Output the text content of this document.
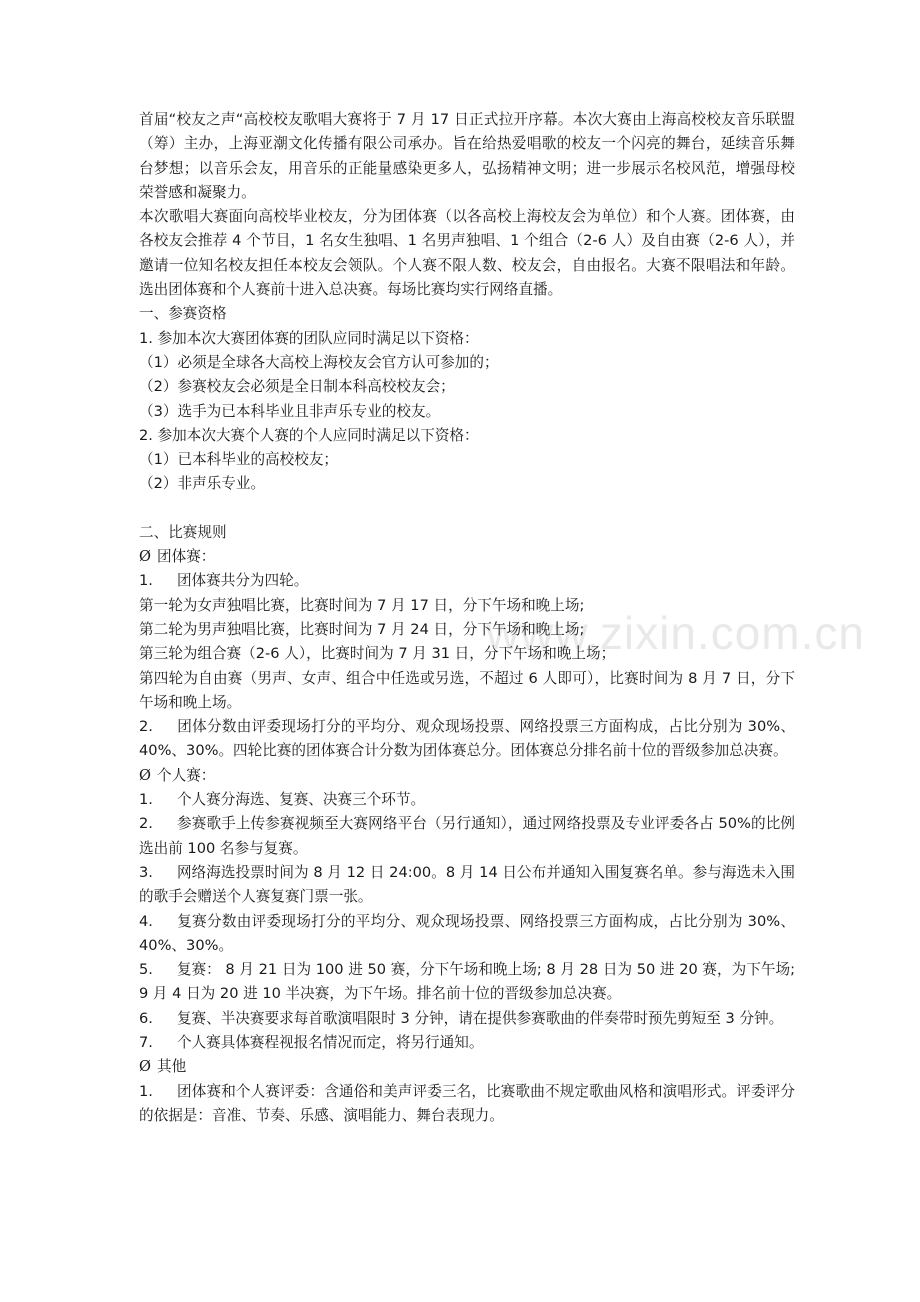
www.zixin.com.cn

首届“校友之声“高校校友歌唱大赛将于 7 月 17 日正式拉开序幕。本次大赛由上海高校校友音乐联盟（筹）主办，上海亚潮文化传播有限公司承办。旨在给热爱唱歌的校友一个闪亮的舞台，延续音乐舞台梦想；以音乐会友，用音乐的正能量感染更多人，弘扬精神文明；进一步展示名校风范，增强母校荣誉感和凝聚力。

本次歌唱大赛面向高校毕业校友，分为团体赛（以各高校上海校友会为单位）和个人赛。团体赛，由各校友会推荐 4 个节目，1 名女生独唱、1 名男声独唱、1 个组合（2-6 人）及自由赛（2-6 人），并邀请一位知名校友担任本校友会领队。个人赛不限人数、校友会，自由报名。大赛不限唱法和年龄。选出团体赛和个人赛前十进入总决赛。每场比赛均实行网络直播。

一、参赛资格

1. 参加本次大赛团体赛的团队应同时满足以下资格：

（1）必须是全球各大高校上海校友会官方认可参加的；

（2）参赛校友会必须是全日制本科高校校友会；

（3）选手为已本科毕业且非声乐专业的校友。

2. 参加本次大赛个人赛的个人应同时满足以下资格：

（1）已本科毕业的高校校友；

（2）非声乐专业。

二、比赛规则

Ø 团体赛：

1. 团体赛共分为四轮。

第一轮为女声独唱比赛，比赛时间为 7 月 17 日，分下午场和晚上场;

第二轮为男声独唱比赛，比赛时间为 7 月 24 日，分下午场和晚上场;

第三轮为组合赛（2-6 人），比赛时间为 7 月 31 日，分下午场和晚上场；

第四轮为自由赛（男声、女声、组合中任选或另选，不超过 6 人即可），比赛时间为 8 月 7 日，分下午场和晚上场。

2. 团体分数由评委现场打分的平均分、观众现场投票、网络投票三方面构成，占比分别为 30%、40%、30%。四轮比赛的团体赛合计分数为团体赛总分。团体赛总分排名前十位的晋级参加总决赛。

Ø 个人赛：

1. 个人赛分海选、复赛、决赛三个环节。

2. 参赛歌手上传参赛视频至大赛网络平台（另行通知），通过网络投票及专业评委各占 50%的比例选出前 100 名参与复赛。

3. 网络海选投票时间为 8 月 12 日 24:00。8 月 14 日公布并通知入围复赛名单。参与海选未入围的歌手会赠送个人赛复赛门票一张。

4. 复赛分数由评委现场打分的平均分、观众现场投票、网络投票三方面构成，占比分别为 30%、40%、30%。

5. 复赛： 8 月 21 日为 100 进 50 赛，分下午场和晚上场; 8 月 28 日为 50 进 20 赛，为下午场; 9 月 4 日为 20 进 10 半决赛，为下午场。排名前十位的晋级参加总决赛。

6. 复赛、半决赛要求每首歌演唱限时 3 分钟，请在提供参赛歌曲的伴奏带时预先剪短至 3 分钟。

7. 个人赛具体赛程视报名情况而定，将另行通知。

Ø 其他

1. 团体赛和个人赛评委：含通俗和美声评委三名，比赛歌曲不规定歌曲风格和演唱形式。评委评分的依据是：音准、节奏、乐感、演唱能力、舞台表现力。
